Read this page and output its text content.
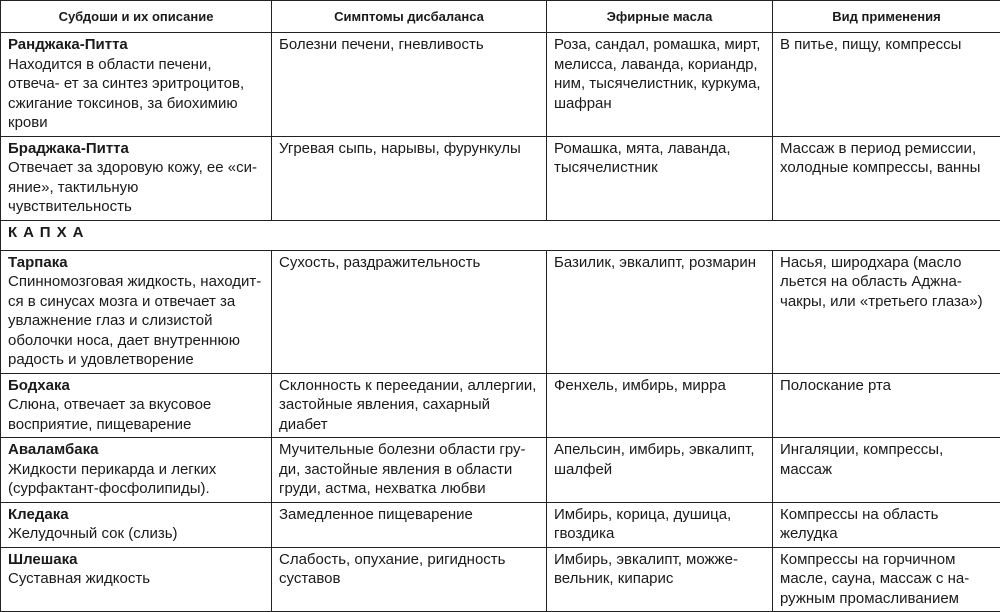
Субдоши и их описание	Симптомы дисбаланса	Эфирные масла	Вид применения

Ранджака-Питта
Находится в области печени, отвеча- ет за синтез эритроцитов, сжигание токсинов, за биохимию крови	Болезни печени, гневливость	Роза, сандал, ромашка, мирт, мелисса, лаванда, кориандр, ним, тысячелистник, куркума, шафран	В питье, пищу, компрессы

Браджака-Питта
Отвечает за здоровую кожу, ее «си- яние», тактильную чувствительность	Угревая сыпь, нарывы, фурункулы	Ромашка, мята, лаванда, тысячелистник	Массаж в период ремиссии, холодные компрессы, ванны
КАПХА			

Тарпака
Спинномозговая жидкость, находит- ся в синусах мозга и отвечает за увлажнение глаз и слизистой оболочки носа, дает внутреннюю радость и удовлетворение	Сухость, раздражительность	Базилик, эвкалипт, розмарин	Насья, широдхара (масло льется на область Аджна- чакры, или «третьего глаза»)

Бодхака
Слюна, отвечает за вкусовое восприятие, пищеварение	Склонность к переедании, аллергии, застойные явления, сахарный диабет	Фенхель, имбирь, мирра	Полоскание рта

Аваламбака
Жидкости перикарда и легких (сурфактант-фосфолипиды).	Мучительные болезни области гру- ди, застойные явления в области груди, астма, нехватка любви	Апельсин, имбирь, эвкалипт, шалфей	Ингаляции, компрессы, массаж

Кледака
Желудочный сок (слизь)	Замедленное пищеварение	Имбирь, корица, душица, гвоздика	Компрессы на область желудка

Шлешака
Суставная жидкость	Слабость, опухание, ригидность суставов	Имбирь, эвкалипт, можже- вельник, кипарис	Компрессы на горчичном масле, сауна, массаж с на- ружным промасливанием
